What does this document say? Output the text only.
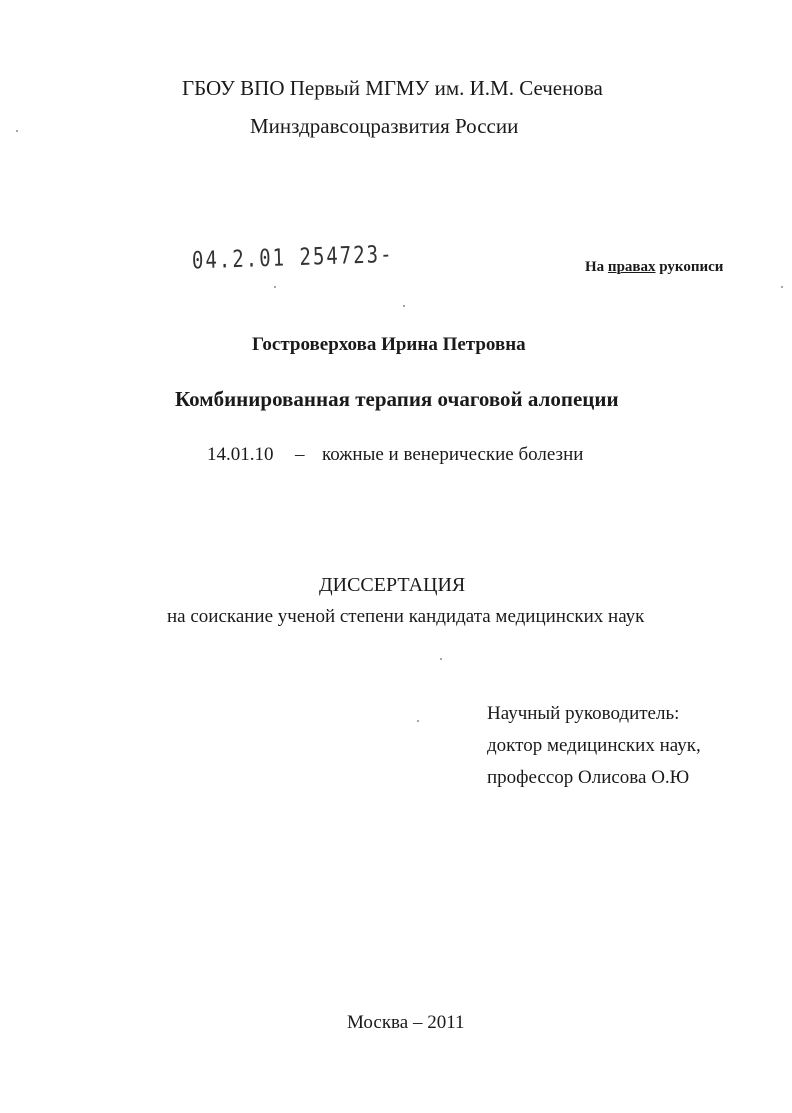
ГБОУ ВПО Первый МГМУ им. И.М. Сеченова
Минздравсоцразвития России
04.2.01 254723-	На правах рукописи
Гостроверхова Ирина Петровна
Комбинированная терапия очаговой алопеции
14.01.10 – кожные и венерические болезни
ДИССЕРТАЦИЯ
на соискание ученой степени кандидата медицинских наук
Научный руководитель:
доктор медицинских наук,
профессор Олисова О.Ю
Москва – 2011
